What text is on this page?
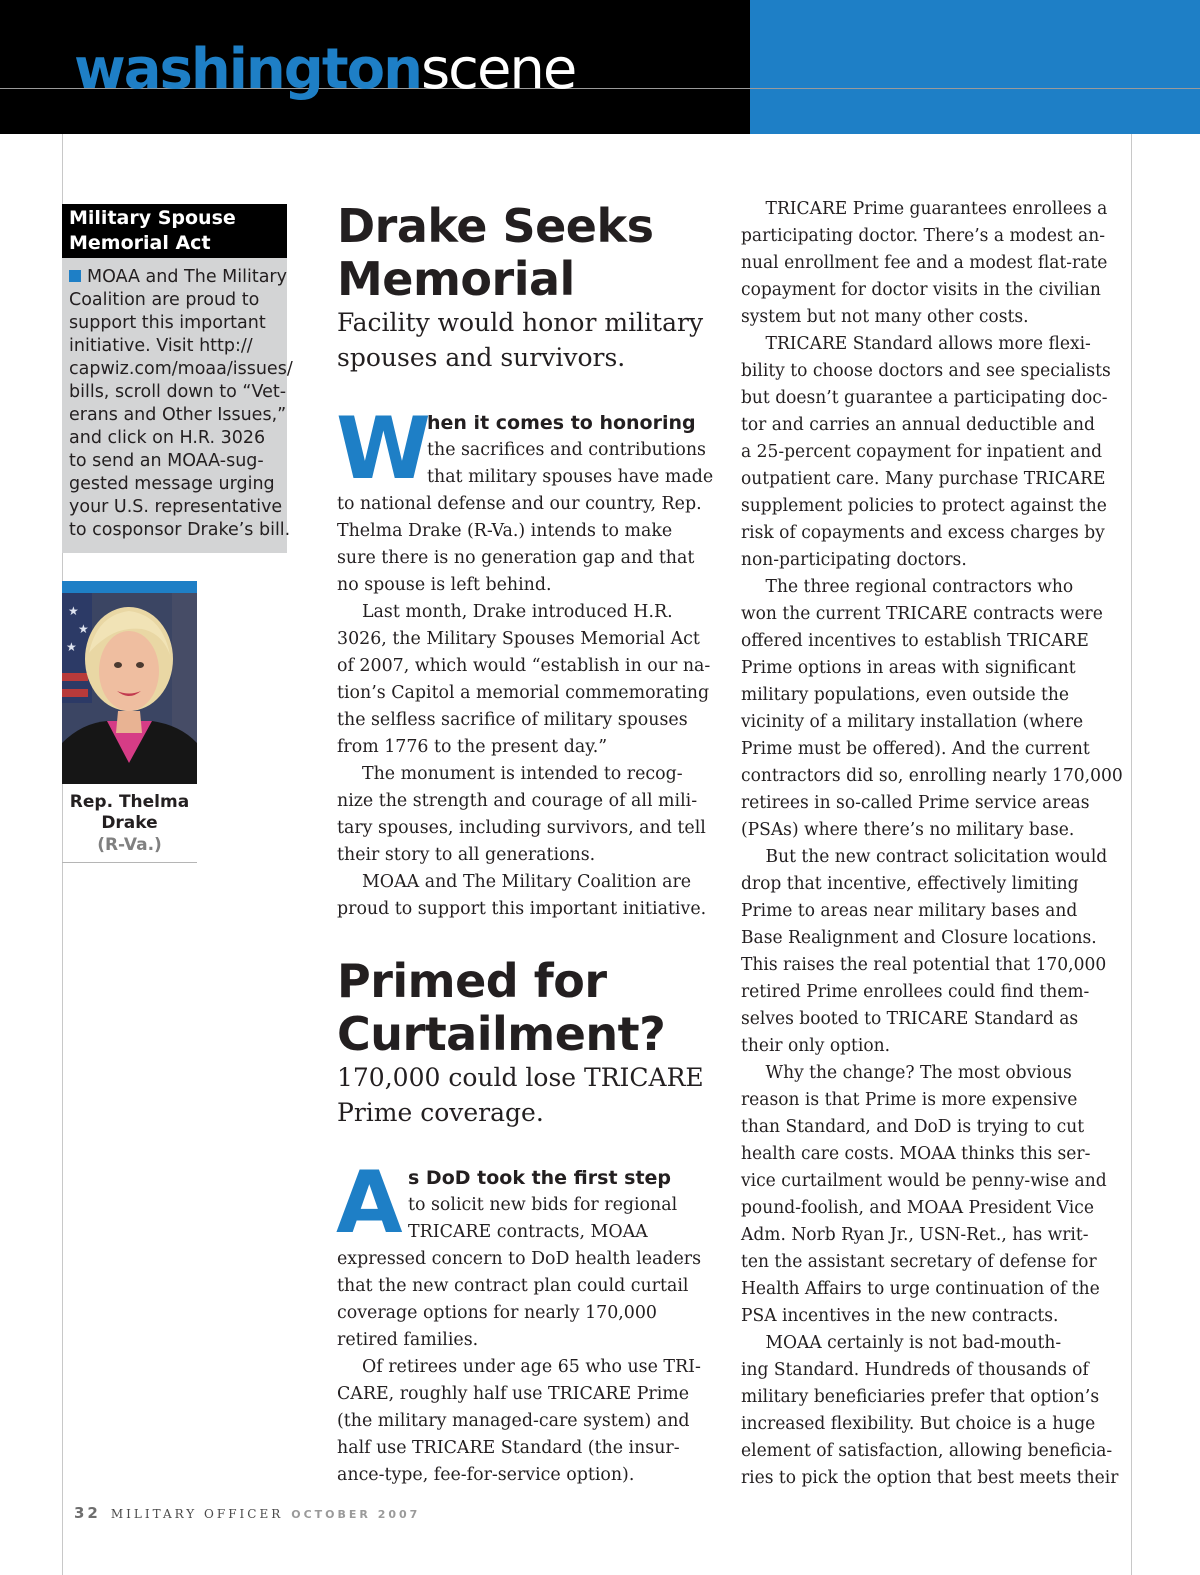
washingtonscene
Military Spouse
Memorial Act
MOAA and The Military
Coalition are proud to
support this important
initiative. Visit http://
capwiz.com/moaa/issues/
bills, scroll down to “Vet-
erans and Other Issues,”
and click on H.R. 3026
to send an MOAA-sug-
gested message urging
your U.S. representative
to cosponsor Drake’s bill.
★
★
★
Rep. Thelma
Drake
(R-Va.)
Drake Seeks
Memorial
Facility would honor military
spouses and survivors.
W
hen it comes to honoring
the sacrifices and contributions
that military spouses have made
to national defense and our country, Rep.
Thelma Drake (R-Va.) intends to make
sure there is no generation gap and that
no spouse is left behind.
Last month, Drake introduced H.R.
3026, the Military Spouses Memorial Act
of 2007, which would “establish in our na-
tion’s Capitol a memorial commemorating
the selfless sacrifice of military spouses
from 1776 to the present day.”
The monument is intended to recog-
nize the strength and courage of all mili-
tary spouses, including survivors, and tell
their story to all generations.
MOAA and The Military Coalition are
proud to support this important initiative.
Primed for
Curtailment?
170,000 could lose TRICARE
Prime coverage.
A s DoD took the first step
to solicit new bids for regional
TRICARE contracts, MOAA
expressed concern to DoD health leaders
that the new contract plan could curtail
coverage options for nearly 170,000
retired families.
Of retirees under age 65 who use TRI-
CARE, roughly half use TRICARE Prime
(the military managed-care system) and
half use TRICARE Standard (the insur-
ance-type, fee-for-service option).
TRICARE Prime guarantees enrollees a
participating doctor. There’s a modest an-
nual enrollment fee and a modest flat-rate
copayment for doctor visits in the civilian
system but not many other costs.
TRICARE Standard allows more flexi-
bility to choose doctors and see specialists
but doesn’t guarantee a participating doc-
tor and carries an annual deductible and
a 25-percent copayment for inpatient and
outpatient care. Many purchase TRICARE
supplement policies to protect against the
risk of copayments and excess charges by
non-participating doctors.
The three regional contractors who
won the current TRICARE contracts were
offered incentives to establish TRICARE
Prime options in areas with significant
military populations, even outside the
vicinity of a military installation (where
Prime must be offered). And the current
contractors did so, enrolling nearly 170,000
retirees in so-called Prime service areas
(PSAs) where there’s no military base.
But the new contract solicitation would
drop that incentive, effectively limiting
Prime to areas near military bases and
Base Realignment and Closure locations.
This raises the real potential that 170,000
retired Prime enrollees could find them-
selves booted to TRICARE Standard as
their only option.
Why the change? The most obvious
reason is that Prime is more expensive
than Standard, and DoD is trying to cut
health care costs. MOAA thinks this ser-
vice curtailment would be penny-wise and
pound-foolish, and MOAA President Vice
Adm. Norb Ryan Jr., USN-Ret., has writ-
ten the assistant secretary of defense for
Health Affairs to urge continuation of the
PSA incentives in the new contracts.
MOAA certainly is not bad-mouth-
ing Standard. Hundreds of thousands of
military beneficiaries prefer that option’s
increased flexibility. But choice is a huge
element of satisfaction, allowing beneficia-
ries to pick the option that best meets their
32 MILITARY OFFICER OCTOBER 2007
